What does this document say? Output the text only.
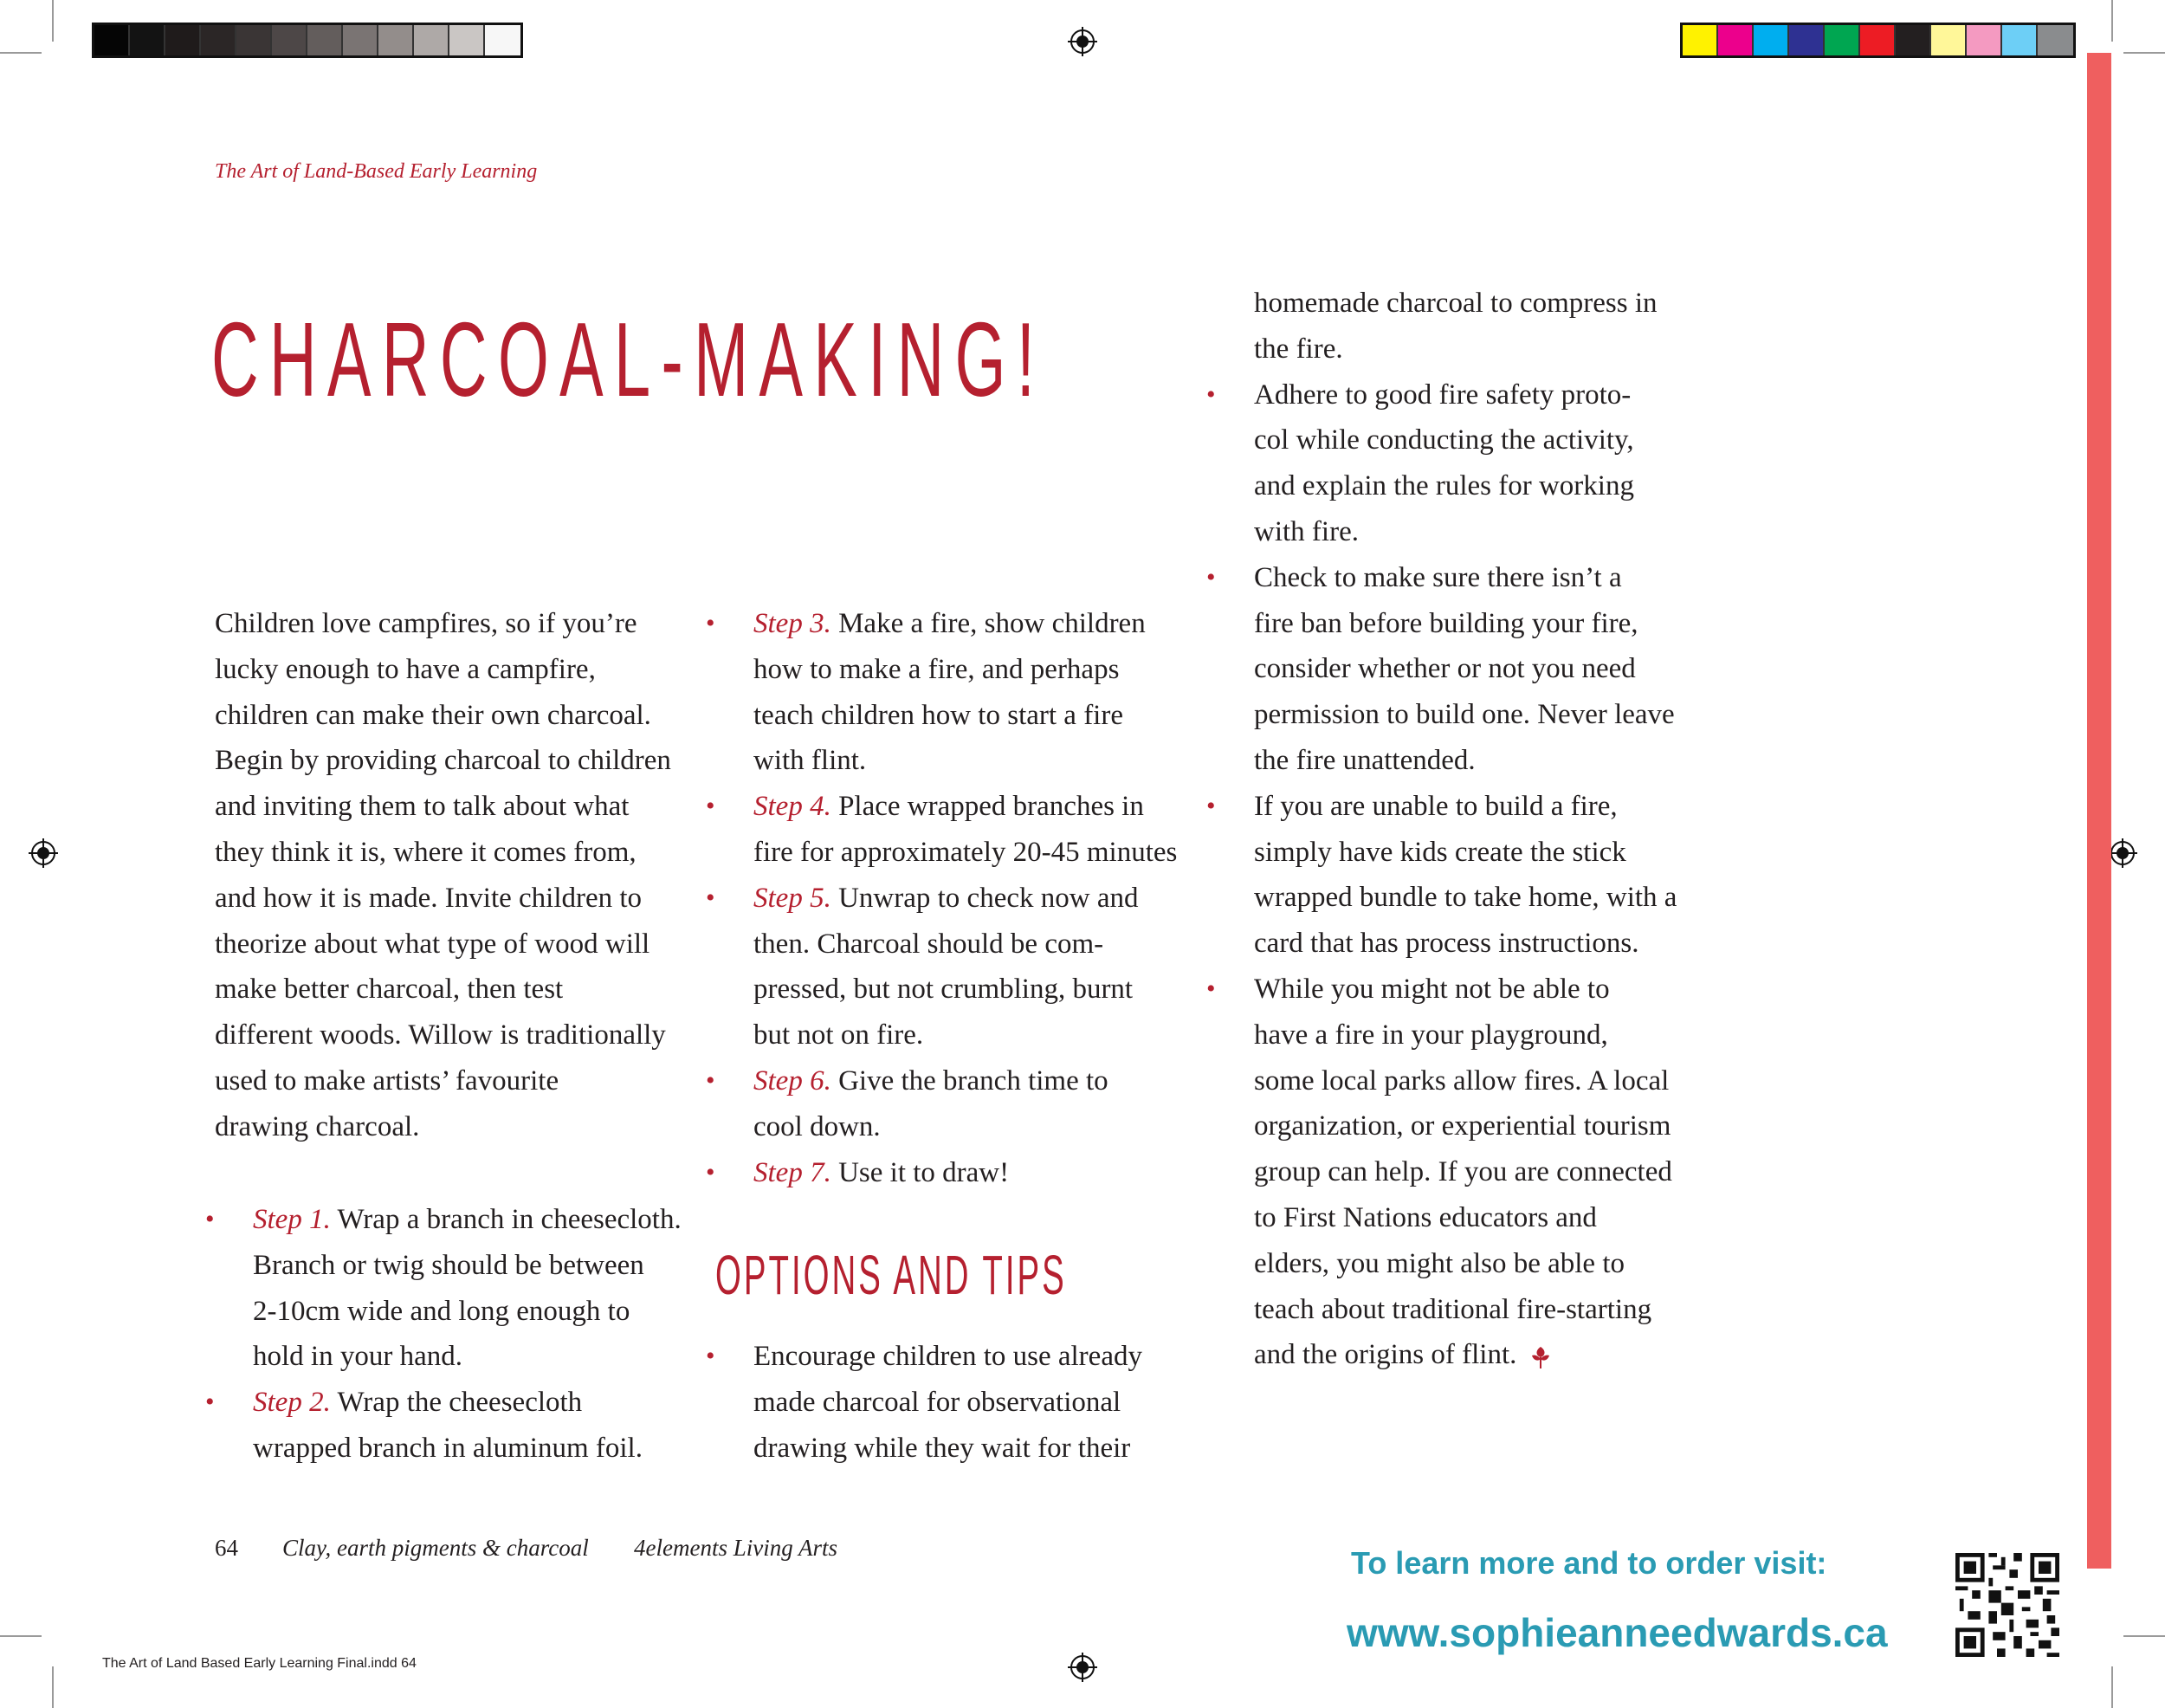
The Art of Land-Based Early Learning
CHARCOAL-MAKING!
Children love campfires, so if you’re
lucky enough to have a campfire,
children can make their own charcoal.
Begin by providing charcoal to children
and inviting them to talk about what
they think it is, where it comes from,
and how it is made. Invite children to
theorize about what type of wood will
make better charcoal, then test
different woods. Willow is traditionally
used to make artists’ favourite
drawing charcoal.
• Step 1. Wrap a branch in cheesecloth.
Branch or twig should be between
2-10cm wide and long enough to
hold in your hand.
• Step 2. Wrap the cheesecloth
wrapped branch in aluminum foil.
• Step 3. Make a fire, show children
how to make a fire, and perhaps
teach children how to start a fire
with flint.
• Step 4. Place wrapped branches in
fire for approximately 20-45 minutes
• Step 5. Unwrap to check now and
then. Charcoal should be com-
pressed, but not crumbling, burnt
but not on fire.
• Step 6. Give the branch time to
cool down.
• Step 7. Use it to draw!
OPTIONS AND TIPS
• Encourage children to use already
made charcoal for observational
drawing while they wait for their
homemade charcoal to compress in
the fire.
• Adhere to good fire safety proto-
col while conducting the activity,
and explain the rules for working
with fire.
• Check to make sure there isn’t a
fire ban before building your fire,
consider whether or not you need
permission to build one. Never leave
the fire unattended.
• If you are unable to build a fire,
simply have kids create the stick
wrapped bundle to take home, with a
card that has process instructions.
• While you might not be able to
have a fire in your playground,
some local parks allow fires. A local
organization, or experiential tourism
group can help. If you are connected
to First Nations educators and
elders, you might also be able to
teach about traditional fire-starting
and the origins of flint.
64 Clay, earth pigments & charcoal 4elements Living Arts	To learn more and to order visit:
www.sophieanneedwards.ca
The Art of Land Based Early Learning Final.indd 64
